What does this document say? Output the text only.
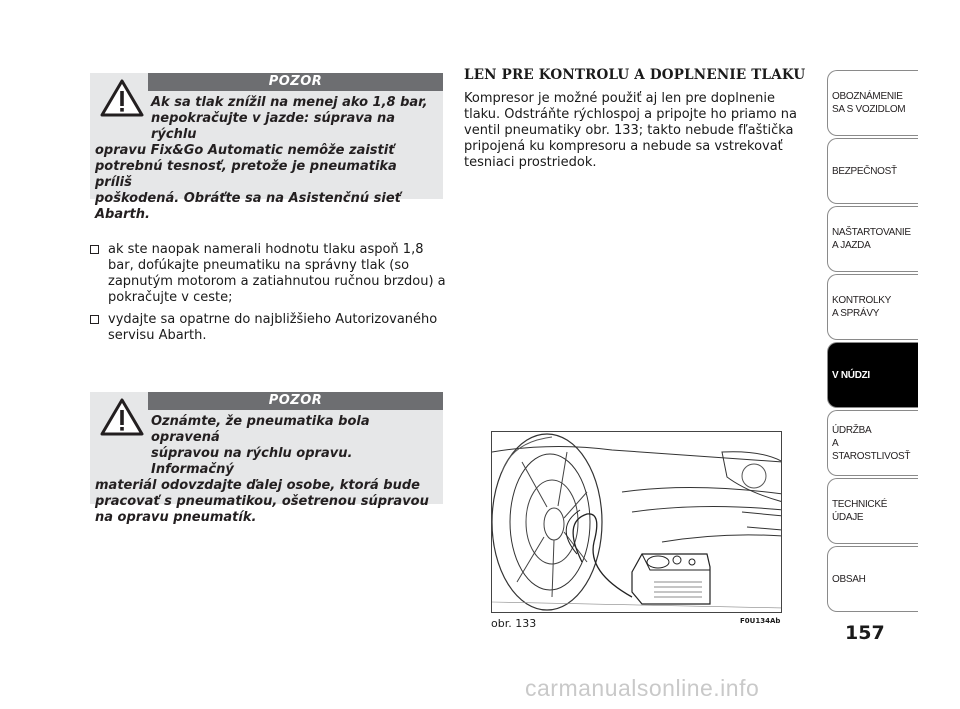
POZOR
Ak sa tlak znížil na menej ako 1,8 bar,
nepokračujte v jazde: súprava na rýchlu
opravu Fix&Go Automatic nemôže zaistiť
potrebnú tesnosť, pretože je pneumatika príliš
poškodená. Obráťte sa na Asistenčnú sieť
Abarth.
ak ste naopak namerali hodnotu tlaku aspoň 1,8 bar, dofúkajte pneumatiku na správny tlak (so zapnutým motorom a zatiahnutou ručnou brzdou) a pokračujte v ceste;
vydajte sa opatrne do najbližšieho Autorizovaného servisu Abarth.
POZOR
Oznámte, že pneumatika bola opravená
súpravou na rýchlu opravu. Informačný
materiál odovzdajte ďalej osobe, ktorá bude
pracovať s pneumatikou, ošetrenou súpravou
na opravu pneumatík.
LEN PRE KONTROLU A DOPLNENIE TLAKU
Kompresor je možné použiť aj len pre doplnenie tlaku. Odstráňte rýchlospoj a pripojte ho priamo na ventil pneumatiky obr. 133; takto nebude fľaštička pripojená ku kompresoru a nebude sa vstrekovať tesniaci prostriedok.
obr. 133	F0U134Ab
OBOZNÁMENIE
SA S VOZIDLOM
BEZPEČNOSŤ
NAŠTARTOVANIE
A JAZDA
KONTROLKY
A SPRÁVY
V NÚDZI
ÚDRŽBA
A STAROSTLIVOSŤ
TECHNICKÉ
ÚDAJE
OBSAH
157
carmanualsonline.info
